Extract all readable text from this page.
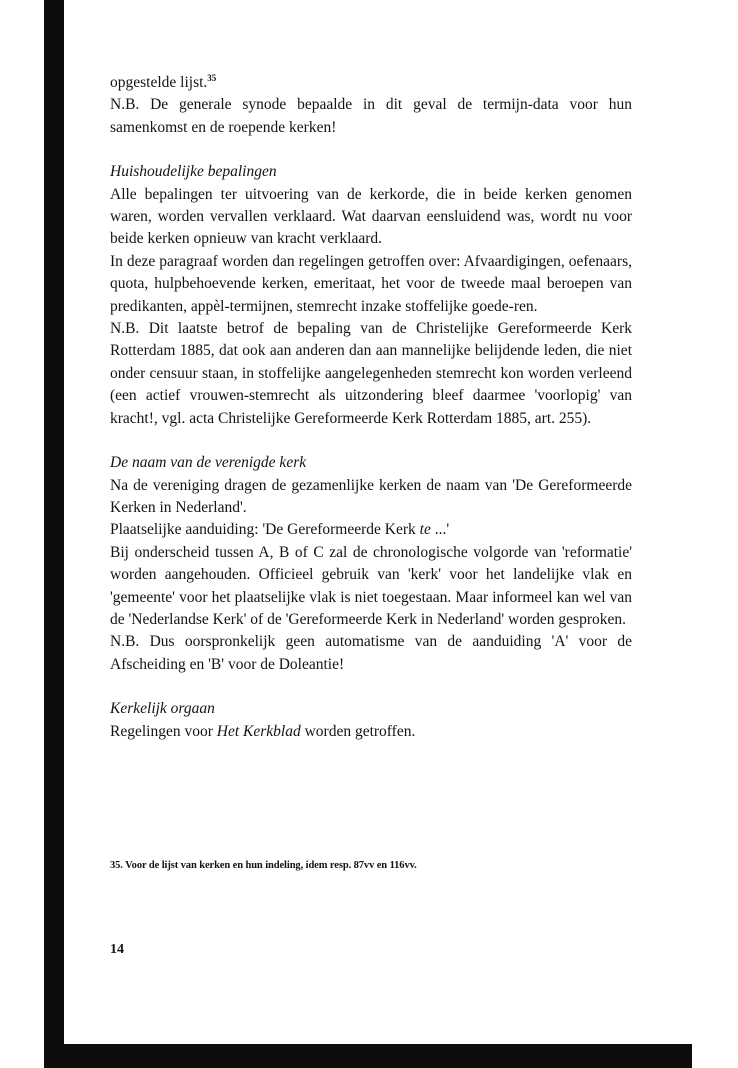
opgestelde lijst.$^{35}$

N.B. De generale synode bepaalde in dit geval de termijn-data voor hun samenkomst en de roepende kerken!

Huishoudelijke bepalingen

Alle bepalingen ter uitvoering van de kerkorde, die in beide kerken genomen waren, worden vervallen verklaard. Wat daarvan eensluidend was, wordt nu voor beide kerken opnieuw van kracht verklaard.

In deze paragraaf worden dan regelingen getroffen over: Afvaardigingen, oefenaars, quota, hulpbehoevende kerken, emeritaat, het voor de tweede maal beroepen van predikanten, appèl-termijnen, stemrecht inzake stoffelijke goede-ren.

N.B. Dit laatste betrof de bepaling van de Christelijke Gereformeerde Kerk Rotterdam 1885, dat ook aan anderen dan aan mannelijke belijdende leden, die niet onder censuur staan, in stoffelijke aangelegenheden stemrecht kon worden verleend (een actief vrouwen-stemrecht als uitzondering bleef daarmee 'voorlopig' van kracht!, vgl. acta Christelijke Gereformeerde Kerk Rotterdam 1885, art. 255).

De naam van de verenigde kerk

Na de vereniging dragen de gezamenlijke kerken de naam van 'De Gereformeerde Kerken in Nederland'.

Plaatselijke aanduiding: 'De Gereformeerde Kerk te ...'

Bij onderscheid tussen A, B of C zal de chronologische volgorde van 'reformatie' worden aangehouden. Officieel gebruik van 'kerk' voor het landelijke vlak en 'gemeente' voor het plaatselijke vlak is niet toegestaan. Maar informeel kan wel van de 'Nederlandse Kerk' of de 'Gereformeerde Kerk in Nederland' worden gesproken.

N.B. Dus oorspronkelijk geen automatisme van de aanduiding 'A' voor de Afscheiding en 'B' voor de Doleantie!

Kerkelijk orgaan

Regelingen voor Het Kerkblad worden getroffen.

35. Voor de lijst van kerken en hun indeling, idem resp. 87vv en 116vv.
14
